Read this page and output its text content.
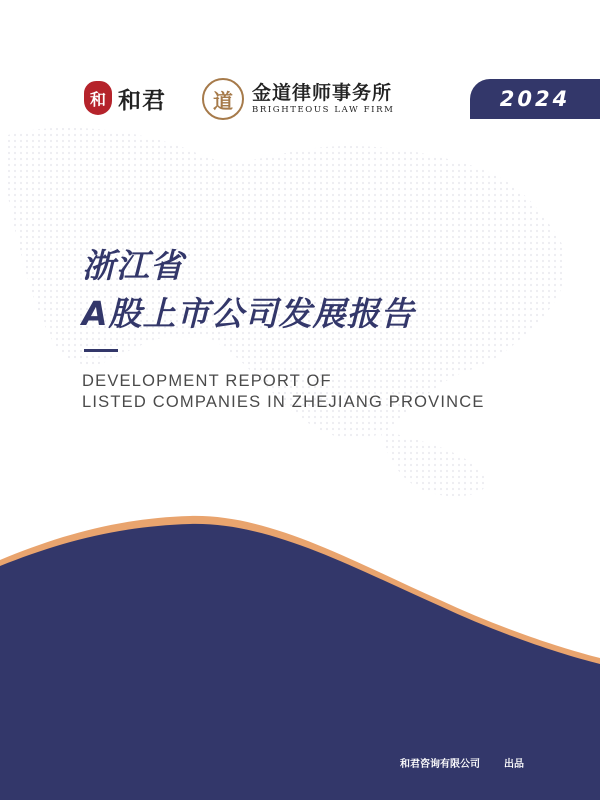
和 和君	道	金道律师事务所
BRIGHTEOUS LAW FIRM	2024
浙江省
A股上市公司发展报告
DEVELOPMENT REPORT OF
LISTED COMPANIES IN ZHEJIANG PROVINCE
和君咨询有限公司 出品
